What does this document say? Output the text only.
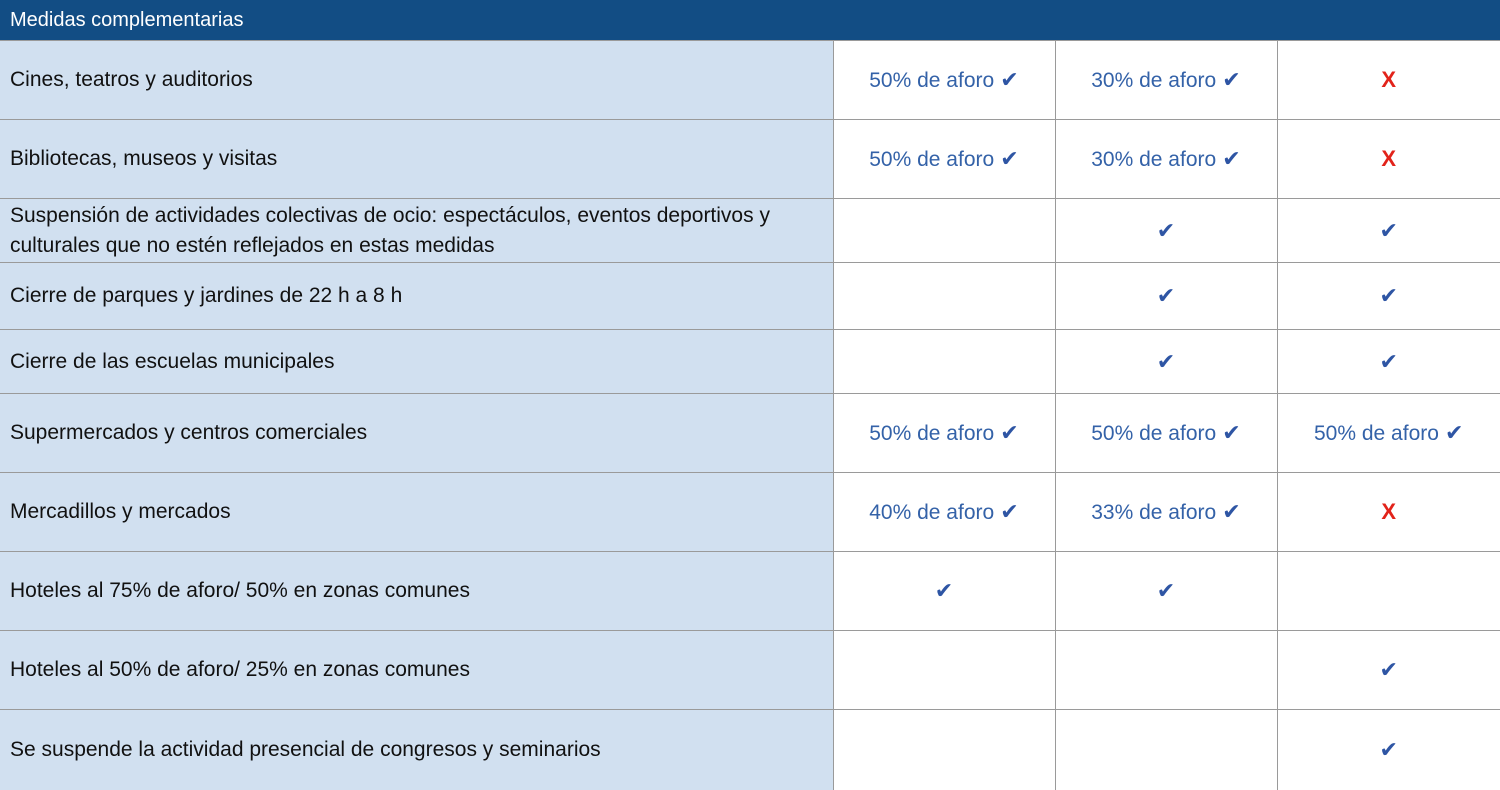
Medidas complementarias			
Cines, teatros y auditorios	50% de aforo ✔	30% de aforo ✔	X
Bibliotecas, museos y visitas	50% de aforo ✔	30% de aforo ✔	X
Suspensión de actividades colectivas de ocio: espectáculos, eventos deportivos y culturales que no estén reflejados en estas medidas		✔	✔
Cierre de parques y jardines de 22 h a 8 h		✔	✔
Cierre de las escuelas municipales		✔	✔
Supermercados y centros comerciales	50% de aforo ✔	50% de aforo ✔	50% de aforo ✔
Mercadillos y mercados	40% de aforo ✔	33% de aforo ✔	X
Hoteles al 75% de aforo/ 50% en zonas comunes	✔	✔	
Hoteles al 50% de aforo/ 25% en zonas comunes			✔
Se suspende la actividad presencial de congresos y seminarios			✔
